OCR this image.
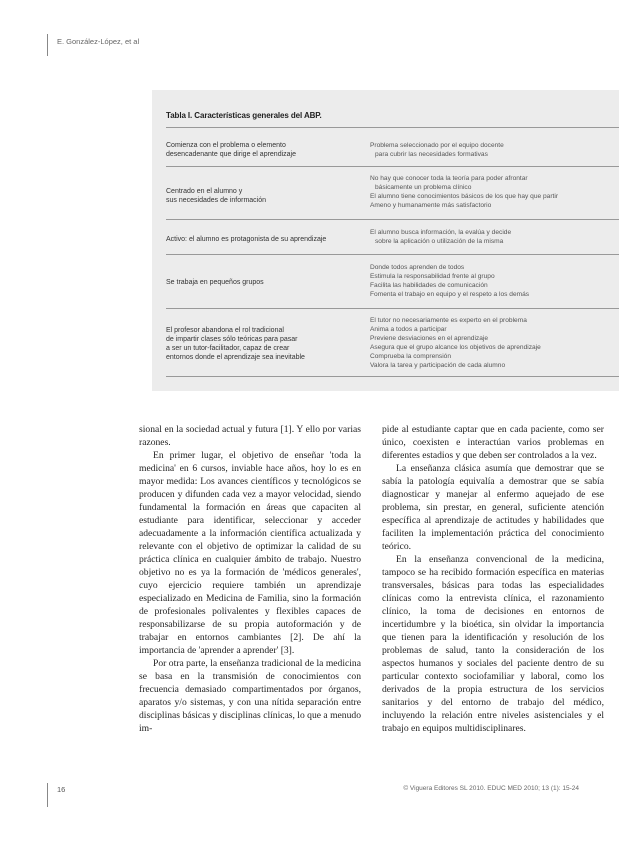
E. González-López, et al
Tabla I. Características generales del ABP.
Comienza con el problema o elemento
desencadenante que dirige el aprendizaje
Problema seleccionado por el equipo docente
para cubrir las necesidades formativas
Centrado en el alumno y
sus necesidades de información
No hay que conocer toda la teoría para poder afrontar
básicamente un problema clínico
El alumno tiene conocimientos básicos de los que hay que partir
Ameno y humanamente más satisfactorio
Activo: el alumno es protagonista de su aprendizaje
El alumno busca información, la evalúa y decide
sobre la aplicación o utilización de la misma
Se trabaja en pequeños grupos
Donde todos aprenden de todos
Estimula la responsabilidad frente al grupo
Facilita las habilidades de comunicación
Fomenta el trabajo en equipo y el respeto a los demás
El profesor abandona el rol tradicional
de impartir clases sólo teóricas para pasar
a ser un tutor-facilitador, capaz de crear
entornos donde el aprendizaje sea inevitable
El tutor no necesariamente es experto en el problema
Anima a todos a participar
Previene desviaciones en el aprendizaje
Asegura que el grupo alcance los objetivos de aprendizaje
Comprueba la comprensión
Valora la tarea y participación de cada alumno

sional en la sociedad actual y futura [1]. Y ello por varias razones.

En primer lugar, el objetivo de enseñar 'toda la medicina' en 6 cursos, inviable hace años, hoy lo es en mayor medida: Los avances científicos y tecnológicos se producen y difunden cada vez a mayor velocidad, siendo fundamental la formación en áreas que capaciten al estudiante para identificar, seleccionar y acceder adecuadamente a la información científica actualizada y relevante con el objetivo de optimizar la calidad de su práctica clínica en cualquier ámbito de trabajo. Nuestro objetivo no es ya la formación de 'médicos generales', cuyo ejercicio requiere también un aprendizaje especializado en Medicina de Familia, sino la formación de profesionales polivalentes y flexibles capaces de responsabilizarse de su propia autoformación y de trabajar en entornos cambiantes [2]. De ahí la importancia de 'aprender a aprender' [3].

Por otra parte, la enseñanza tradicional de la medicina se basa en la transmisión de conocimientos con frecuencia demasiado compartimentados por órganos, aparatos y/o sistemas, y con una nítida separación entre disciplinas básicas y disciplinas clínicas, lo que a menudo im-

pide al estudiante captar que en cada paciente, como ser único, coexisten e interactúan varios problemas en diferentes estadios y que deben ser controlados a la vez.

La enseñanza clásica asumía que demostrar que se sabía la patología equivalía a demostrar que se sabía diagnosticar y manejar al enfermo aquejado de ese problema, sin prestar, en general, suficiente atención específica al aprendizaje de actitudes y habilidades que faciliten la implementación práctica del conocimiento teórico.

En la enseñanza convencional de la medicina, tampoco se ha recibido formación específica en materias transversales, básicas para todas las especialidades clínicas como la entrevista clínica, el razonamiento clínico, la toma de decisiones en entornos de incertidumbre y la bioética, sin olvidar la importancia que tienen para la identificación y resolución de los problemas de salud, tanto la consideración de los aspectos humanos y sociales del paciente dentro de su particular contexto sociofamiliar y laboral, como los derivados de la propia estructura de los servicios sanitarios y del entorno de trabajo del médico, incluyendo la relación entre niveles asistenciales y el trabajo en equipos multidisciplinares.

16	© Viguera Editores SL 2010. EDUC MED 2010; 13 (1): 15-24
